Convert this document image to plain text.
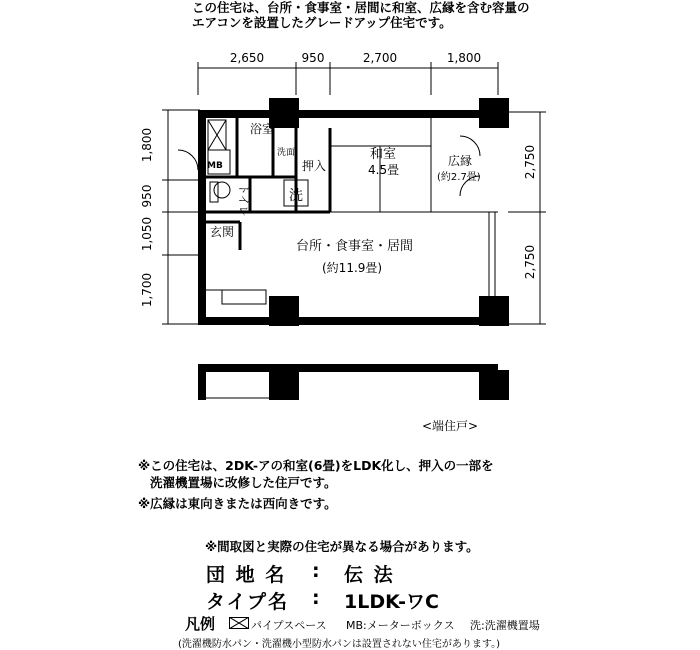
この住宅は、台所・食事室・居間に和室、広縁を含む容量の
エアコンを設置したグレードアップ住宅です。
2,650	950	2,700	1,800
1,800
950
1,050
1,700
2,750
2,750
浴室
MB
洗面
押入
洗
トイレ
玄関
和室
4.5畳
広縁
(約2.7畳)
台所・食事室・居間
(約11.9畳)
<端住戸>
※この住宅は、2DK-アの和室(6畳)をLDK化し、押入の一部を
洗濯機置場に改修した住戸です。
※広縁は東向きまたは西向きです。
※間取図と実際の住宅が異なる場合があります。
団 地 名 : 伝 法
タイプ名 : 1LDK-ワC
凡例	パイプスペース MB:メーターボックス 洗:洗濯機置場
(洗濯機防水パン・洗濯機小型防水パンは設置されない住宅があります。)
